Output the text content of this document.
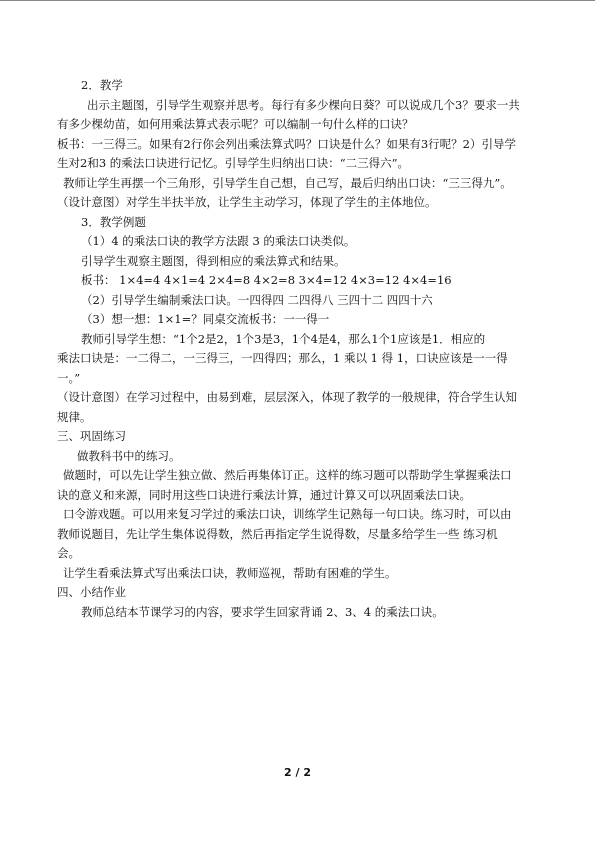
2．教学

出示主题图，引导学生观察并思考。每行有多少棵向日葵？可以说成几个3？要求一共

有多少棵幼苗，如何用乘法算式表示呢？可以编制一句什么样的口诀？

板书：一三得三。如果有2行你会列出乘法算式吗？口诀是什么？如果有3行呢？2）引导学

生对2和3 的乘法口诀进行记忆。引导学生归纳出口诀：“二三得六”。

教师让学生再摆一个三角形，引导学生自己想，自己写，最后归纳出口诀：“三三得九”。

（设计意图）对学生半扶半放，让学生主动学习，体现了学生的主体地位。

3．教学例题

（1）4 的乘法口诀的教学方法跟 3 的乘法口诀类似。

引导学生观察主题图，得到相应的乘法算式和结果。

板书： 1×4=4 4×1=4 2×4=8 4×2=8 3×4=12 4×3=12 4×4=16

（2）引导学生编制乘法口诀。一四得四 二四得八 三四十二 四四十六

（3）想一想：1×1=？同桌交流板书：一一得一

教师引导学生想：“1个2是2，1个3是3，1个4是4，那么1个1应该是1．相应的

乘法口诀是：一二得二，一三得三，一四得四；那么，1 乘以 1 得 1，口诀应该是一一得

一。”

（设计意图）在学习过程中，由易到难，层层深入，体现了教学的一般规律，符合学生认知

规律。

三、巩固练习

做教科书中的练习。

做题时，可以先让学生独立做、然后再集体订正。这样的练习题可以帮助学生掌握乘法口

诀的意义和来源，同时用这些口诀进行乘法计算，通过计算又可以巩固乘法口诀。

口令游戏题。可以用来复习学过的乘法口诀，训练学生记熟每一句口诀。练习时，可以由

教师说题目，先让学生集体说得数，然后再指定学生说得数，尽量多给学生一些 练习机

会。

让学生看乘法算式写出乘法口诀，教师巡视，帮助有困难的学生。

四、小结作业

教师总结本节课学习的内容，要求学生回家背诵 2、3、4 的乘法口诀。

2 / 2
